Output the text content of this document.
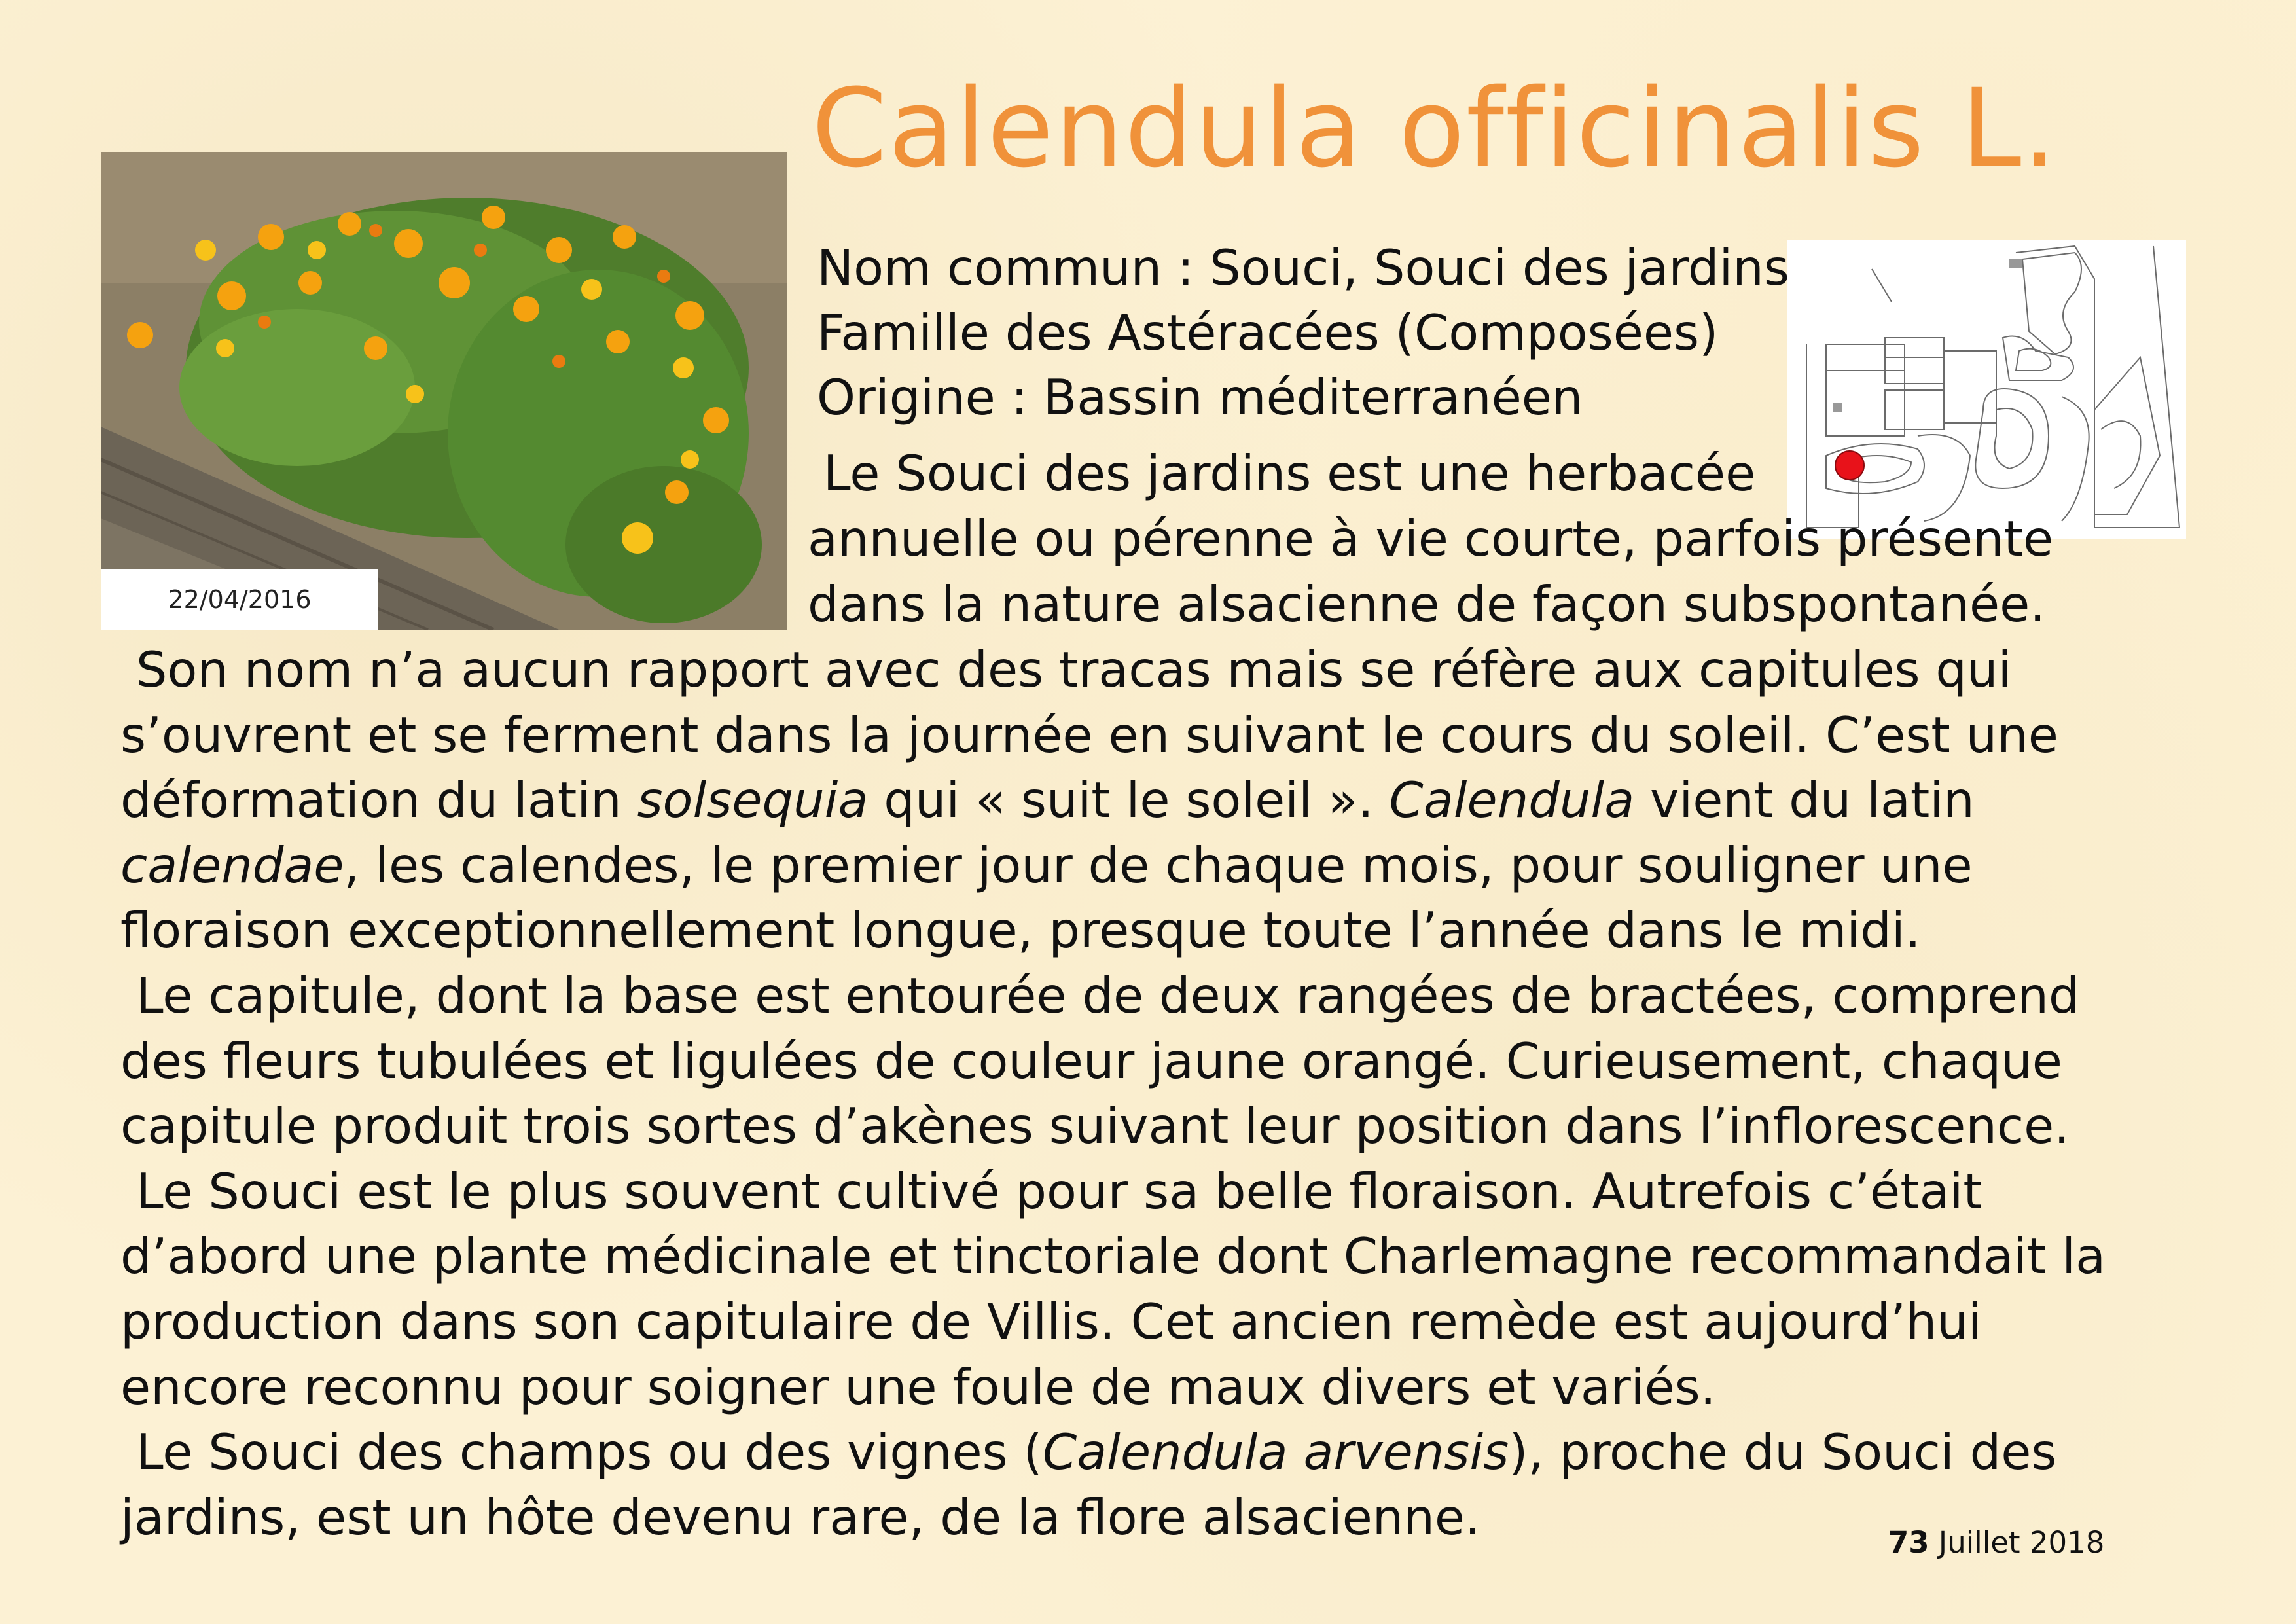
Calendula officinalis L.
22/04/2016
Nom commun : Souci, Souci des jardins
Famille des Astéracées (Composées)
Origine : Bassin méditerranéen
Le Souci des jardins est une herbacée
annuelle ou pérenne à vie courte, parfois présente
dans la nature alsacienne de façon subspontanée.
Son nom n’a aucun rapport avec des tracas mais se réfère aux capitules qui
s’ouvrent et se ferment dans la journée en suivant le cours du soleil. C’est une
déformation du latin solsequia qui « suit le soleil ». Calendula vient du latin
calendae, les calendes, le premier jour de chaque mois, pour souligner une
floraison exceptionnellement longue, presque toute l’année dans le midi.
Le capitule, dont la base est entourée de deux rangées de bractées, comprend
des fleurs tubulées et ligulées de couleur jaune orangé. Curieusement, chaque
capitule produit trois sortes d’akènes suivant leur position dans l’inflorescence.
Le Souci est le plus souvent cultivé pour sa belle floraison. Autrefois c’était
d’abord une plante médicinale et tinctoriale dont Charlemagne recommandait la
production dans son capitulaire de Villis. Cet ancien remède est aujourd’hui
encore reconnu pour soigner une foule de maux divers et variés.
Le Souci des champs ou des vignes (Calendula arvensis), proche du Souci des
jardins, est un hôte devenu rare, de la flore alsacienne.	73 Juillet 2018
